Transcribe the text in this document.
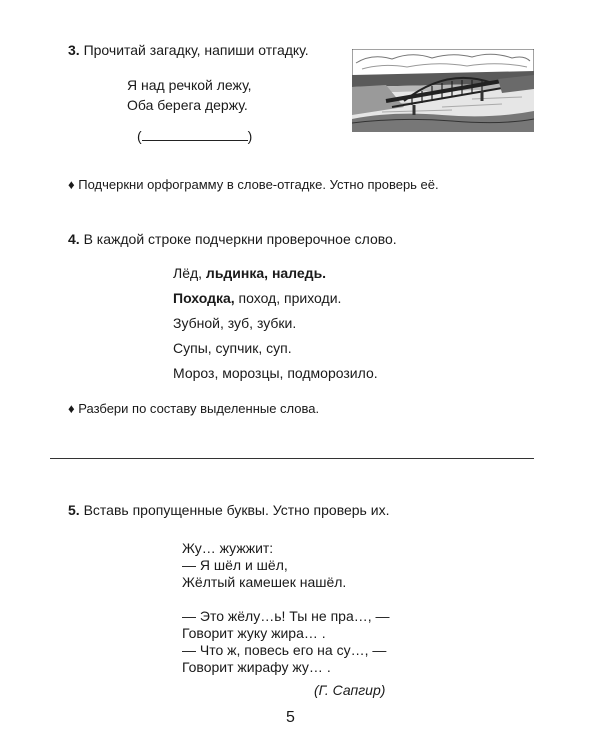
3. Прочитай загадку, напиши отгадку.
Я над речкой лежу,
Оба берега держу.
(	)
♦ Подчеркни орфограмму в слове-отгадке. Устно проверь её.
4. В каждой строке подчеркни проверочное слово.
Лёд, льдинка, наледь.
Походка, поход, приходи.
Зубной, зуб, зубки.
Супы, супчик, суп.
Мороз, морозцы, подморозило.
♦ Разбери по составу выделенные слова.
5. Вставь пропущенные буквы. Устно проверь их.
Жу… жужжит:
— Я шёл и шёл,
Жёлтый камешек нашёл.
— Это жёлу…ь! Ты не пра…, —
Говорит жуку жира… .
— Что ж, повесь его на су…, —
Говорит жирафу жу… .
(Г. Сапгир)
5
